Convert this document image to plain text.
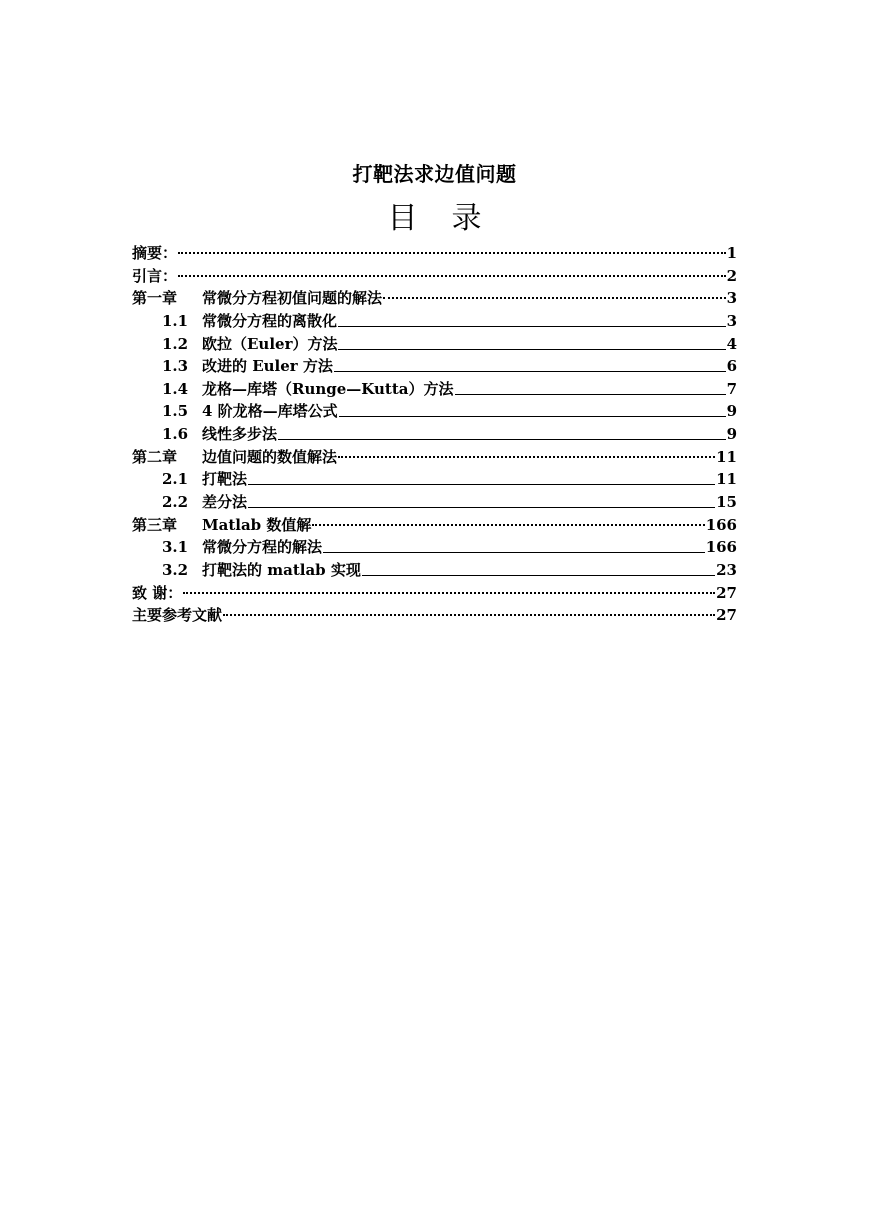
打靶法求边值问题
目 录
摘要：	1
引言：	2
第一章	常微分方程初值问题的解法	3
1.1 常微分方程的离散化	3
1.2 欧拉（Euler）方法	4
1.3 改进的 Euler 方法	6
1.4 龙格—库塔（Runge—Kutta）方法	7
1.5 4 阶龙格—库塔公式	9
1.6 线性多步法	9
第二章	边值问题的数值解法	11
2.1 打靶法	11
2.2 差分法	15
第三章	Matlab 数值解	166
3.1 常微分方程的解法	166
3.2 打靶法的 matlab 实现	23
致 谢：	27
主要参考文献	27
